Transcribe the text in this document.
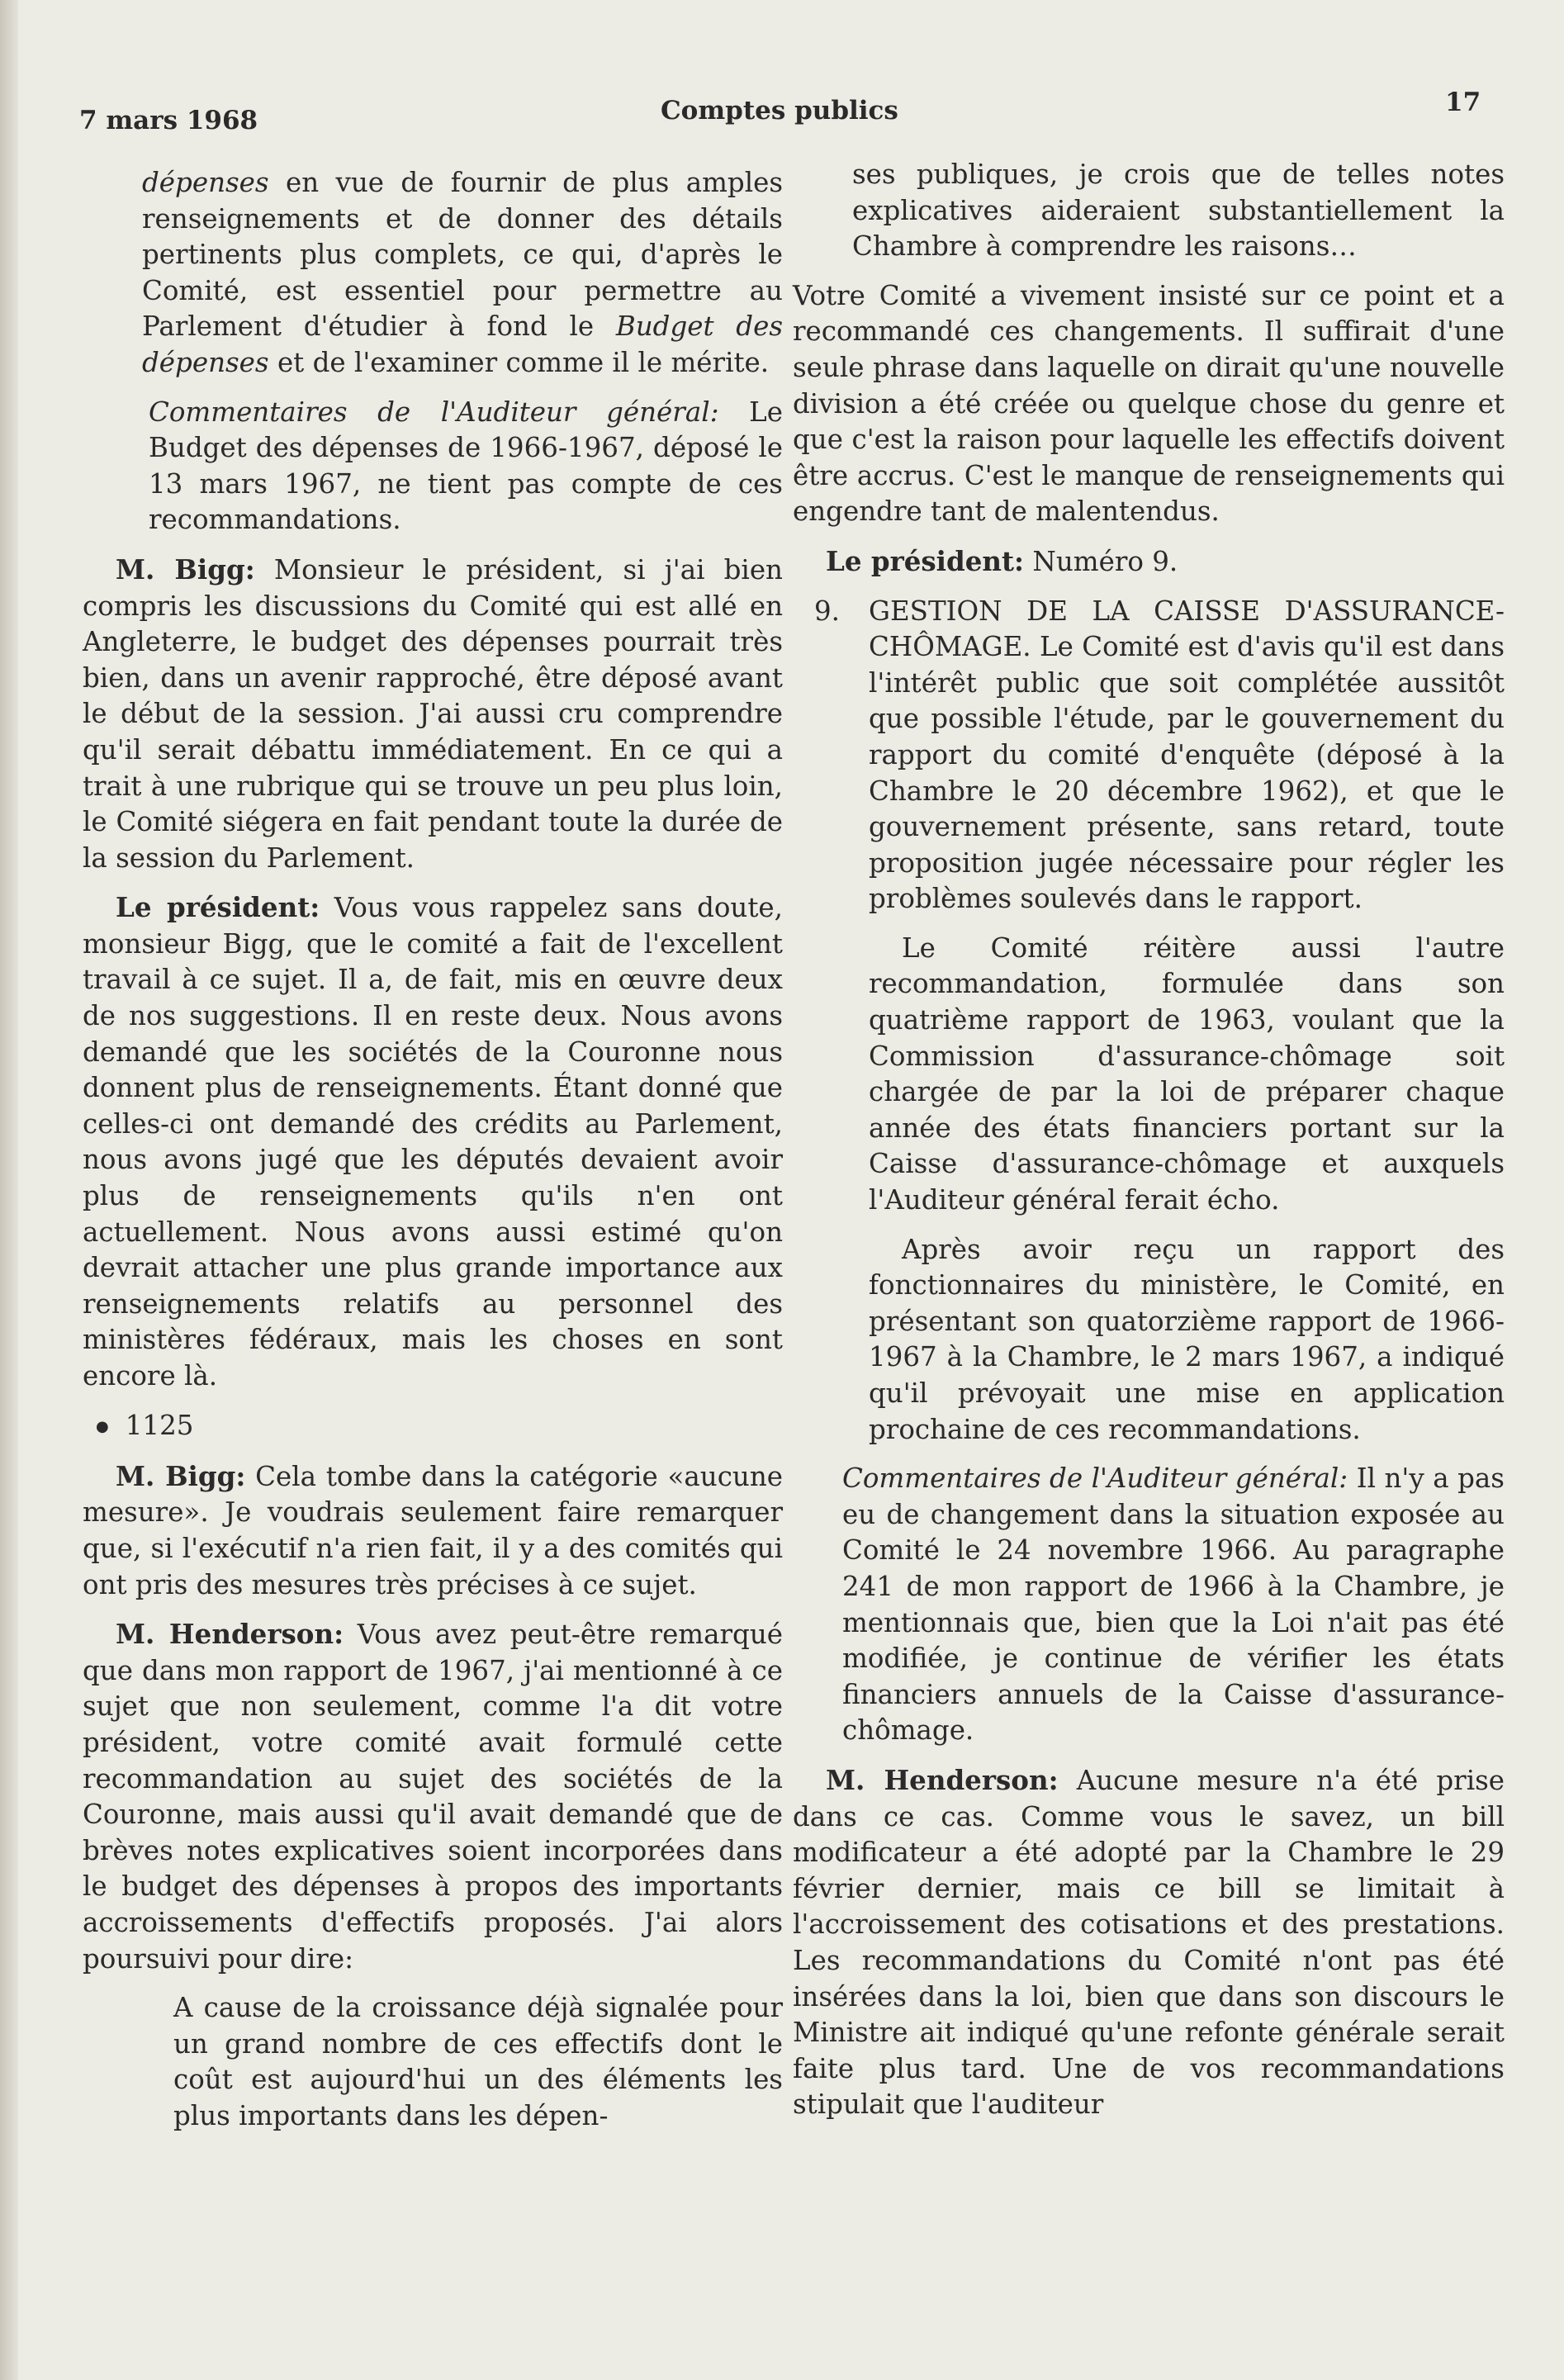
7 mars 1968	Comptes publics	17

dépenses en vue de fournir de plus amples renseignements et de donner des détails pertinents plus complets, ce qui, d'après le Comité, est essentiel pour permettre au Parlement d'étudier à fond le Budget des dépenses et de l'examiner comme il le mérite.

Commentaires de l'Auditeur général: Le Budget des dépenses de 1966-1967, déposé le 13 mars 1967, ne tient pas compte de ces recommandations.

M. Bigg: Monsieur le président, si j'ai bien compris les discussions du Comité qui est allé en Angleterre, le budget des dépenses pourrait très bien, dans un avenir rapproché, être déposé avant le début de la session. J'ai aussi cru comprendre qu'il serait débattu immédiatement. En ce qui a trait à une rubrique qui se trouve un peu plus loin, le Comité siégera en fait pendant toute la durée de la session du Parlement.

Le président: Vous vous rappelez sans doute, monsieur Bigg, que le comité a fait de l'excellent travail à ce sujet. Il a, de fait, mis en œuvre deux de nos suggestions. Il en reste deux. Nous avons demandé que les sociétés de la Couronne nous donnent plus de renseignements. Étant donné que celles-ci ont demandé des crédits au Parlement, nous avons jugé que les députés devaient avoir plus de renseignements qu'ils n'en ont actuellement. Nous avons aussi estimé qu'on devrait attacher une plus grande importance aux renseignements relatifs au personnel des ministères fédéraux, mais les choses en sont encore là.

● 1125

M. Bigg: Cela tombe dans la catégorie «aucune mesure». Je voudrais seulement faire remarquer que, si l'exécutif n'a rien fait, il y a des comités qui ont pris des mesures très précises à ce sujet.

M. Henderson: Vous avez peut-être remarqué que dans mon rapport de 1967, j'ai mentionné à ce sujet que non seulement, comme l'a dit votre président, votre comité avait formulé cette recommandation au sujet des sociétés de la Couronne, mais aussi qu'il avait demandé que de brèves notes explicatives soient incorporées dans le budget des dépenses à propos des importants accroissements d'effectifs proposés. J'ai alors poursuivi pour dire:

A cause de la croissance déjà signalée pour un grand nombre de ces effectifs dont le coût est aujourd'hui un des éléments les plus importants dans les dépen-

ses publiques, je crois que de telles notes explicatives aideraient substantiellement la Chambre à comprendre les raisons…

Votre Comité a vivement insisté sur ce point et a recommandé ces changements. Il suffirait d'une seule phrase dans laquelle on dirait qu'une nouvelle division a été créée ou quelque chose du genre et que c'est la raison pour laquelle les effectifs doivent être accrus. C'est le manque de renseignements qui engendre tant de malentendus.

Le président: Numéro 9.

9. GESTION DE LA CAISSE D'ASSURANCE-CHÔMAGE. Le Comité est d'avis qu'il est dans l'intérêt public que soit complétée aussitôt que possible l'étude, par le gouvernement du rapport du comité d'enquête (déposé à la Chambre le 20 décembre 1962), et que le gouvernement présente, sans retard, toute proposition jugée nécessaire pour régler les problèmes soulevés dans le rapport.

Le Comité réitère aussi l'autre recommandation, formulée dans son quatrième rapport de 1963, voulant que la Commission d'assurance-chômage soit chargée de par la loi de préparer chaque année des états financiers portant sur la Caisse d'assurance-chômage et auxquels l'Auditeur général ferait écho.

Après avoir reçu un rapport des fonctionnaires du ministère, le Comité, en présentant son quatorzième rapport de 1966-1967 à la Chambre, le 2 mars 1967, a indiqué qu'il prévoyait une mise en application prochaine de ces recommandations.

Commentaires de l'Auditeur général: Il n'y a pas eu de changement dans la situation exposée au Comité le 24 novembre 1966. Au paragraphe 241 de mon rapport de 1966 à la Chambre, je mentionnais que, bien que la Loi n'ait pas été modifiée, je continue de vérifier les états financiers annuels de la Caisse d'assurance-chômage.

M. Henderson: Aucune mesure n'a été prise dans ce cas. Comme vous le savez, un bill modificateur a été adopté par la Chambre le 29 février dernier, mais ce bill se limitait à l'accroissement des cotisations et des prestations. Les recommandations du Comité n'ont pas été insérées dans la loi, bien que dans son discours le Ministre ait indiqué qu'une refonte générale serait faite plus tard. Une de vos recommandations stipulait que l'auditeur
